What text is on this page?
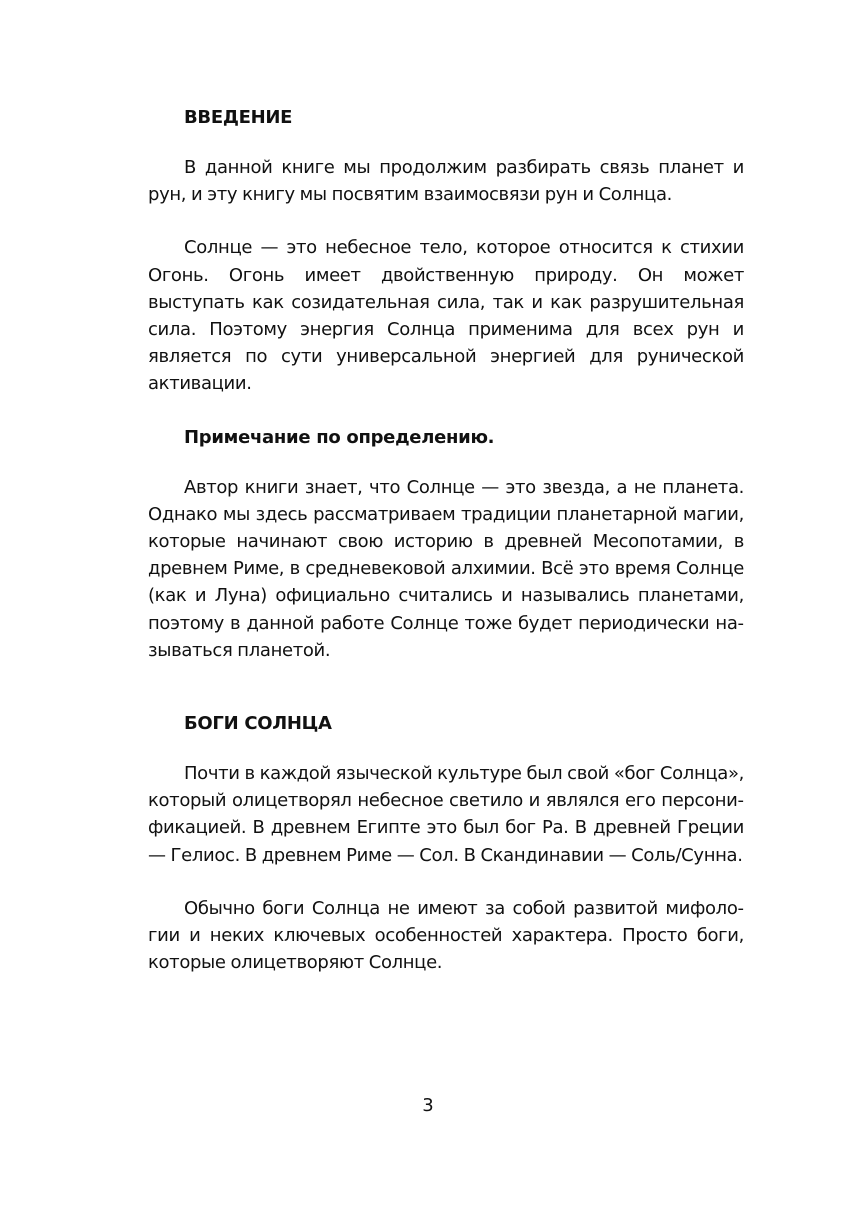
ВВЕДЕНИЕ

В данной книге мы продолжим разбирать связь планет и рун, и эту книгу мы посвятим взаимосвязи рун и Солнца.

Солнце — это небесное тело, которое относится к стихии Огонь. Огонь имеет двойственную природу. Он может выступать как созидательная сила, так и как разрушительная сила. Поэтому энергия Солнца применима для всех рун и является по сути универсальной энергией для рунической активации.

Примечание по определению.

Автор книги знает, что Солнце — это звезда, а не планета. Однако мы здесь рассматриваем традиции планетарной магии, которые начинают свою историю в древней Месопотамии, в древнем Риме, в средневековой алхимии. Всё это время Солнце (как и Луна) официально считались и назывались планетами, поэтому в данной работе Солнце тоже будет периодически называться планетой.

БОГИ СОЛНЦА

Почти в каждой языческой культуре был свой «бог Солнца», который олицетворял небесное светило и являлся его персонификацией. В древнем Египте это был бог Ра. В древней Греции — Гелиос. В древнем Риме — Сол. В Скандинавии — Соль/Сунна.

Обычно боги Солнца не имеют за собой развитой мифологии и неких ключевых особенностей характера. Просто боги, которые олицетворяют Солнце.

3
